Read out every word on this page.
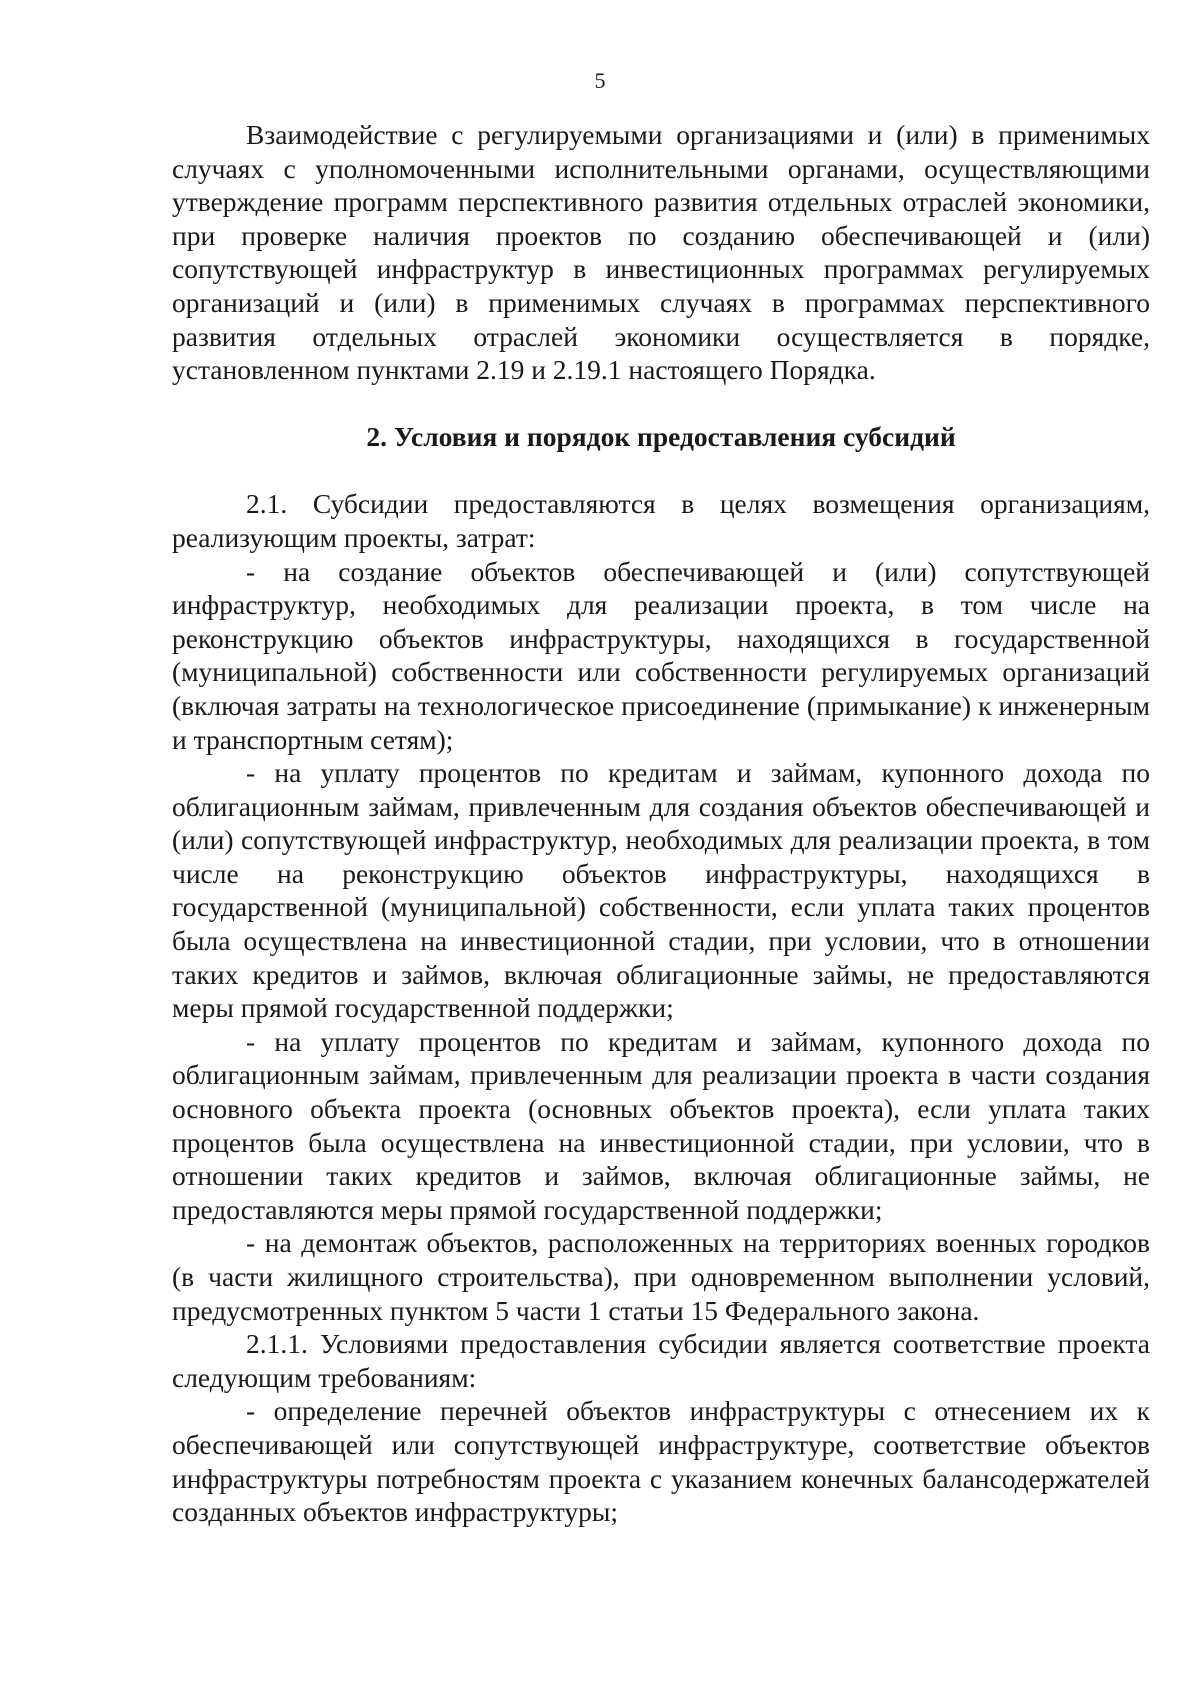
5

Взаимодействие с регулируемыми организациями и (или) в применимых случаях с уполномоченными исполнительными органами, осуществляющими утверждение программ перспективного развития отдельных отраслей экономики, при проверке наличия проектов по созданию обеспечивающей и (или) сопутствующей инфраструктур в инвестиционных программах регулируемых организаций и (или) в применимых случаях в программах перспективного развития отдельных отраслей экономики осуществляется в порядке, установленном пунктами 2.19 и 2.19.1 настоящего Порядка.

2. Условия и порядок предоставления субсидий

2.1. Субсидии предоставляются в целях возмещения организациям, реализующим проекты, затрат:

- на создание объектов обеспечивающей и (или) сопутствующей инфраструктур, необходимых для реализации проекта, в том числе на реконструкцию объектов инфраструктуры, находящихся в государственной (муниципальной) собственности или собственности регулируемых организаций (включая затраты на технологическое присоединение (примыкание) к инженерным и транспортным сетям);

- на уплату процентов по кредитам и займам, купонного дохода по облигационным займам, привлеченным для создания объектов обеспечивающей и (или) сопутствующей инфраструктур, необходимых для реализации проекта, в том числе на реконструкцию объектов инфраструктуры, находящихся в государственной (муниципальной) собственности, если уплата таких процентов была осуществлена на инвестиционной стадии, при условии, что в отношении таких кредитов и займов, включая облигационные займы, не предоставляются меры прямой государственной поддержки;

- на уплату процентов по кредитам и займам, купонного дохода по облигационным займам, привлеченным для реализации проекта в части создания основного объекта проекта (основных объектов проекта), если уплата таких процентов была осуществлена на инвестиционной стадии, при условии, что в отношении таких кредитов и займов, включая облигационные займы, не предоставляются меры прямой государственной поддержки;

- на демонтаж объектов, расположенных на территориях военных городков (в части жилищного строительства), при одновременном выполнении условий, предусмотренных пунктом 5 части 1 статьи 15 Федерального закона.

2.1.1. Условиями предоставления субсидии является соответствие проекта следующим требованиям:

- определение перечней объектов инфраструктуры с отнесением их к обеспечивающей или сопутствующей инфраструктуре, соответствие объектов инфраструктуры потребностям проекта с указанием конечных балансодержателей созданных объектов инфраструктуры;
